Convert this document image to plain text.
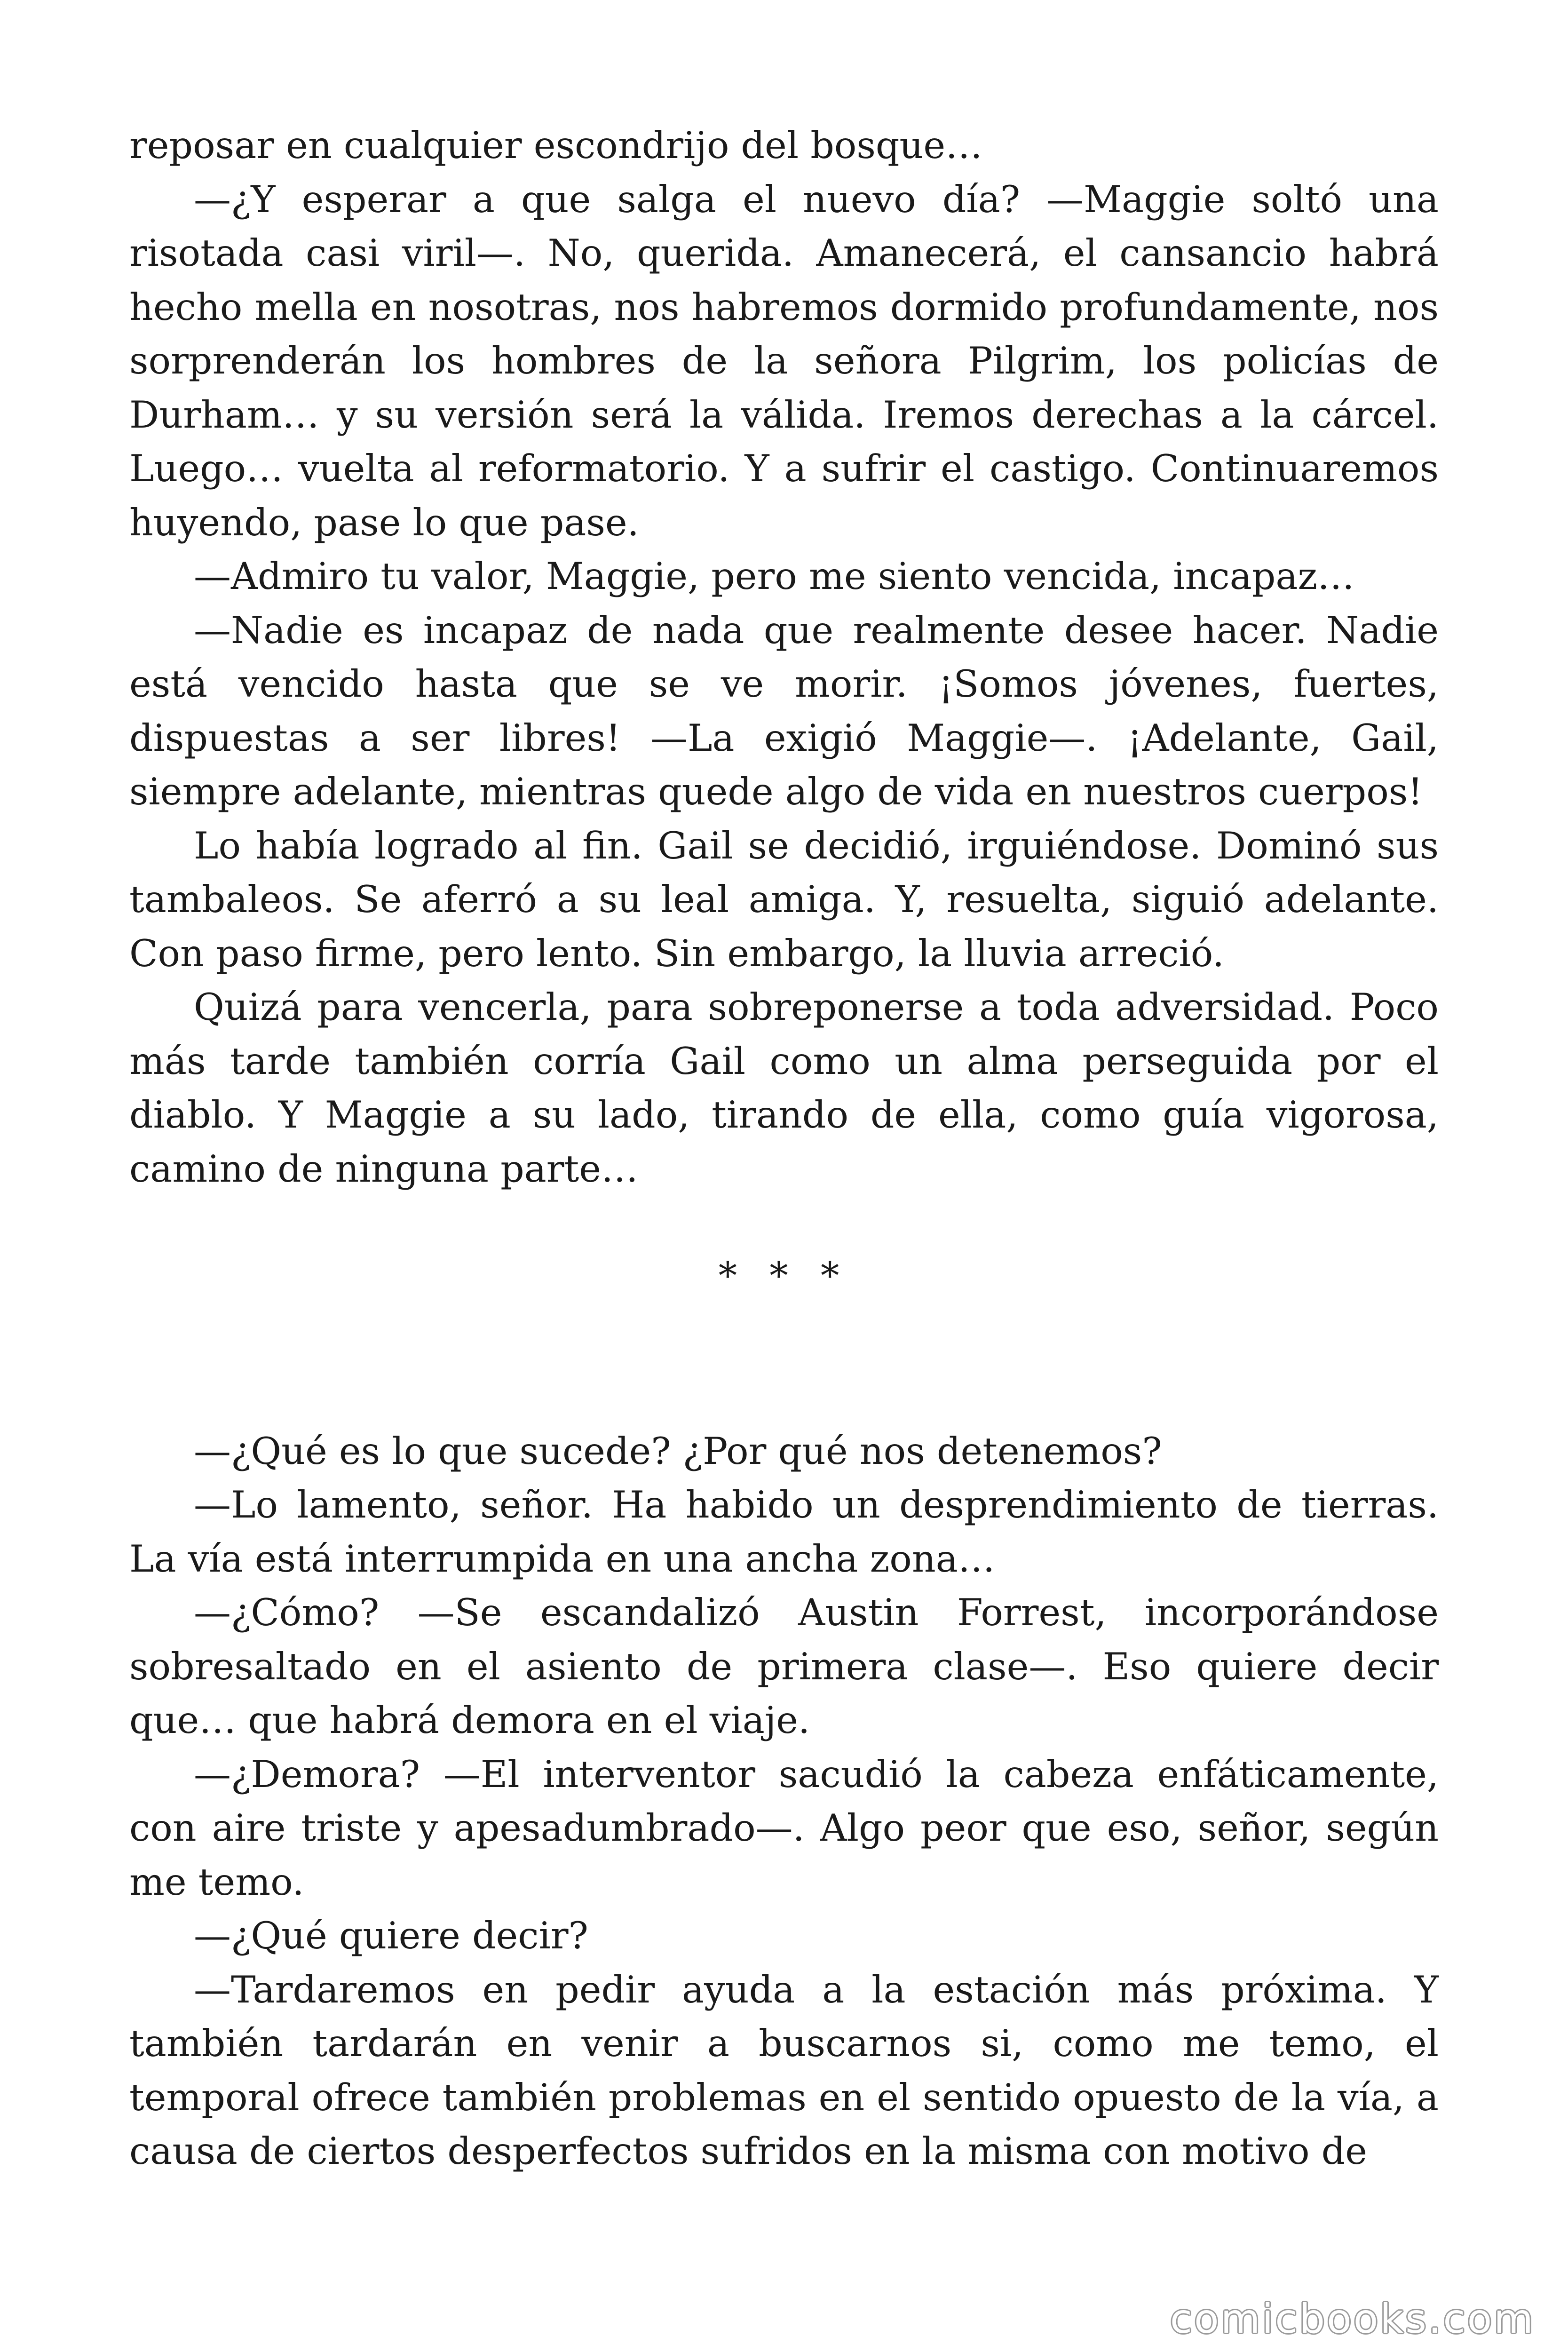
reposar en cualquier escondrijo del bosque…

—¿Y esperar a que salga el nuevo día? —Maggie soltó una risotada casi viril—. No, querida. Amanecerá, el cansancio habrá hecho mella en nosotras, nos habremos dormido profundamente, nos sorprenderán los hombres de la señora Pilgrim, los policías de Durham… y su versión será la válida. Iremos derechas a la cárcel. Luego… vuelta al reformatorio. Y a sufrir el castigo. Continuaremos huyendo, pase lo que pase.

—Admiro tu valor, Maggie, pero me siento vencida, incapaz…

—Nadie es incapaz de nada que realmente desee hacer. Nadie está vencido hasta que se ve morir. ¡Somos jóvenes, fuertes, dispuestas a ser libres! —La exigió Maggie—. ¡Adelante, Gail, siempre adelante, mientras quede algo de vida en nuestros cuerpos!

Lo había logrado al fin. Gail se decidió, irguiéndose. Dominó sus tambaleos. Se aferró a su leal amiga. Y, resuelta, siguió adelante. Con paso firme, pero lento. Sin embargo, la lluvia arreció.

Quizá para vencerla, para sobreponerse a toda adversidad. Poco más tarde también corría Gail como un alma perseguida por el diablo. Y Maggie a su lado, tirando de ella, como guía vigorosa, camino de ninguna parte…

* * *

—¿Qué es lo que sucede? ¿Por qué nos detenemos?

—Lo lamento, señor. Ha habido un desprendimiento de tierras. La vía está interrumpida en una ancha zona…

—¿Cómo? —Se escandalizó Austin Forrest, incorporándose sobresaltado en el asiento de primera clase—. Eso quiere decir que… que habrá demora en el viaje.

—¿Demora? —El interventor sacudió la cabeza enfáticamente, con aire triste y apesadumbrado—. Algo peor que eso, señor, según me temo.

—¿Qué quiere decir?

—Tardaremos en pedir ayuda a la estación más próxima. Y también tardarán en venir a buscarnos si, como me temo, el temporal ofrece también problemas en el sentido opuesto de la vía, a causa de ciertos desperfectos sufridos en la misma con motivo de

comicbooks.com
